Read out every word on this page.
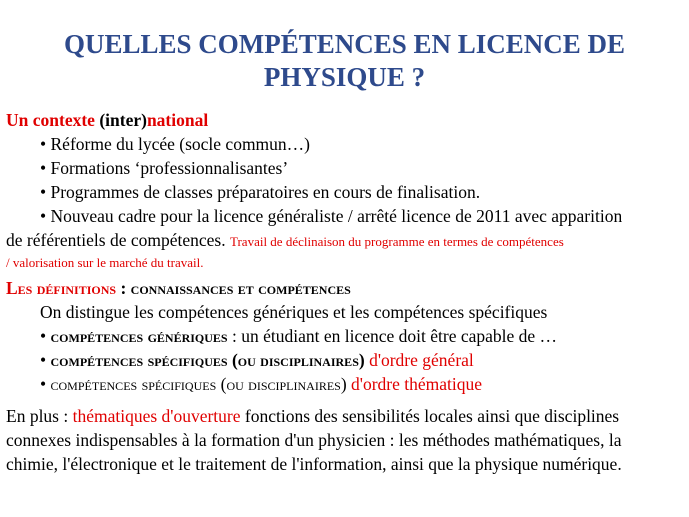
QUELLES COMPÉTENCES EN LICENCE DE
PHYSIQUE ?
Un contexte (inter)national
• Réforme du lycée (socle commun…)
• Formations ‘professionnalisantes’
• Programmes de classes préparatoires en cours de finalisation.
• Nouveau cadre pour la licence généraliste / arrêté licence de 2011 avec apparition
de référentiels de compétences. Travail de déclinaison du programme en termes de compétences
/ valorisation sur le marché du travail.
Les définitions : connaissances et compétences
On distingue les compétences génériques et les compétences spécifiques
• compétences génériques : un étudiant en licence doit être capable de …
• compétences spécifiques (ou disciplinaires) d'ordre général
• compétences spécifiques (ou disciplinaires) d'ordre thématique
En plus : thématiques d'ouverture fonctions des sensibilités locales ainsi que disciplines
connexes indispensables à la formation d'un physicien : les méthodes mathématiques, la
chimie, l'électronique et le traitement de l'information, ainsi que la physique numérique.
